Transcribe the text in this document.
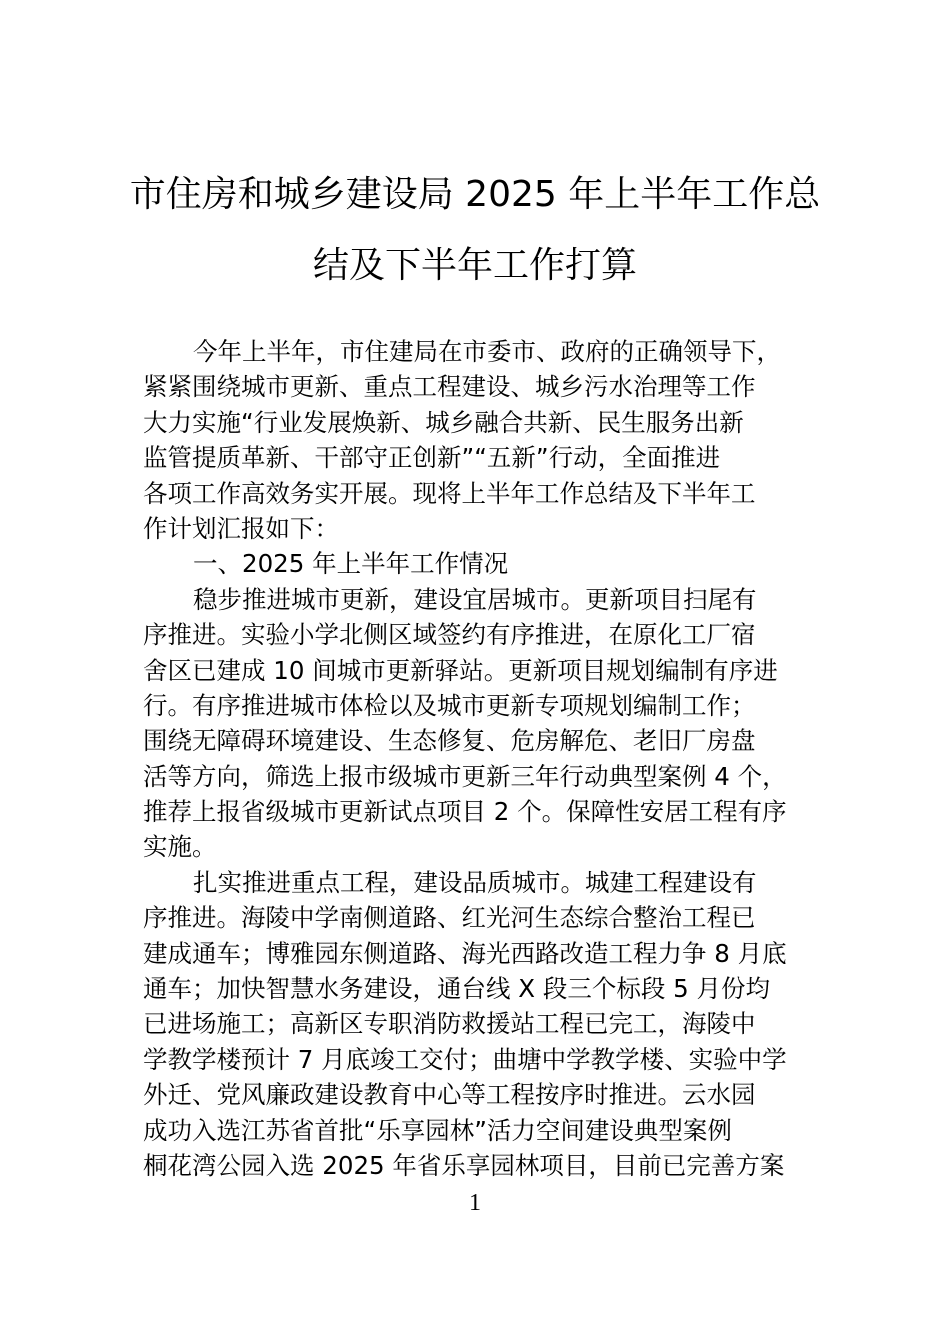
市住房和城乡建设局 2025 年上半年工作总
结及下半年工作打算
今年上半年，市住建局在市委市、政府的正确领导下，
紧紧围绕城市更新、重点工程建设、城乡污水治理等工作
大力实施“行业发展焕新、城乡融合共新、民生服务出新
监管提质革新、干部守正创新”“五新”行动，全面推进
各项工作高效务实开展。现将上半年工作总结及下半年工
作计划汇报如下：
一、2025 年上半年工作情况
稳步推进城市更新，建设宜居城市。更新项目扫尾有
序推进。实验小学北侧区域签约有序推进，在原化工厂宿
舍区已建成 10 间城市更新驿站。更新项目规划编制有序进
行。有序推进城市体检以及城市更新专项规划编制工作；
围绕无障碍环境建设、生态修复、危房解危、老旧厂房盘
活等方向，筛选上报市级城市更新三年行动典型案例 4 个，
推荐上报省级城市更新试点项目 2 个。保障性安居工程有序
实施。
扎实推进重点工程，建设品质城市。城建工程建设有
序推进。海陵中学南侧道路、红光河生态综合整治工程已
建成通车；博雅园东侧道路、海光西路改造工程力争 8 月底
通车；加快智慧水务建设，通台线 X 段三个标段 5 月份均
已进场施工；高新区专职消防救援站工程已完工，海陵中
学教学楼预计 7 月底竣工交付；曲塘中学教学楼、实验中学
外迁、党风廉政建设教育中心等工程按序时推进。云水园
成功入选江苏省首批“乐享园林”活力空间建设典型案例
桐花湾公园入选 2025 年省乐享园林项目，目前已完善方案
1
